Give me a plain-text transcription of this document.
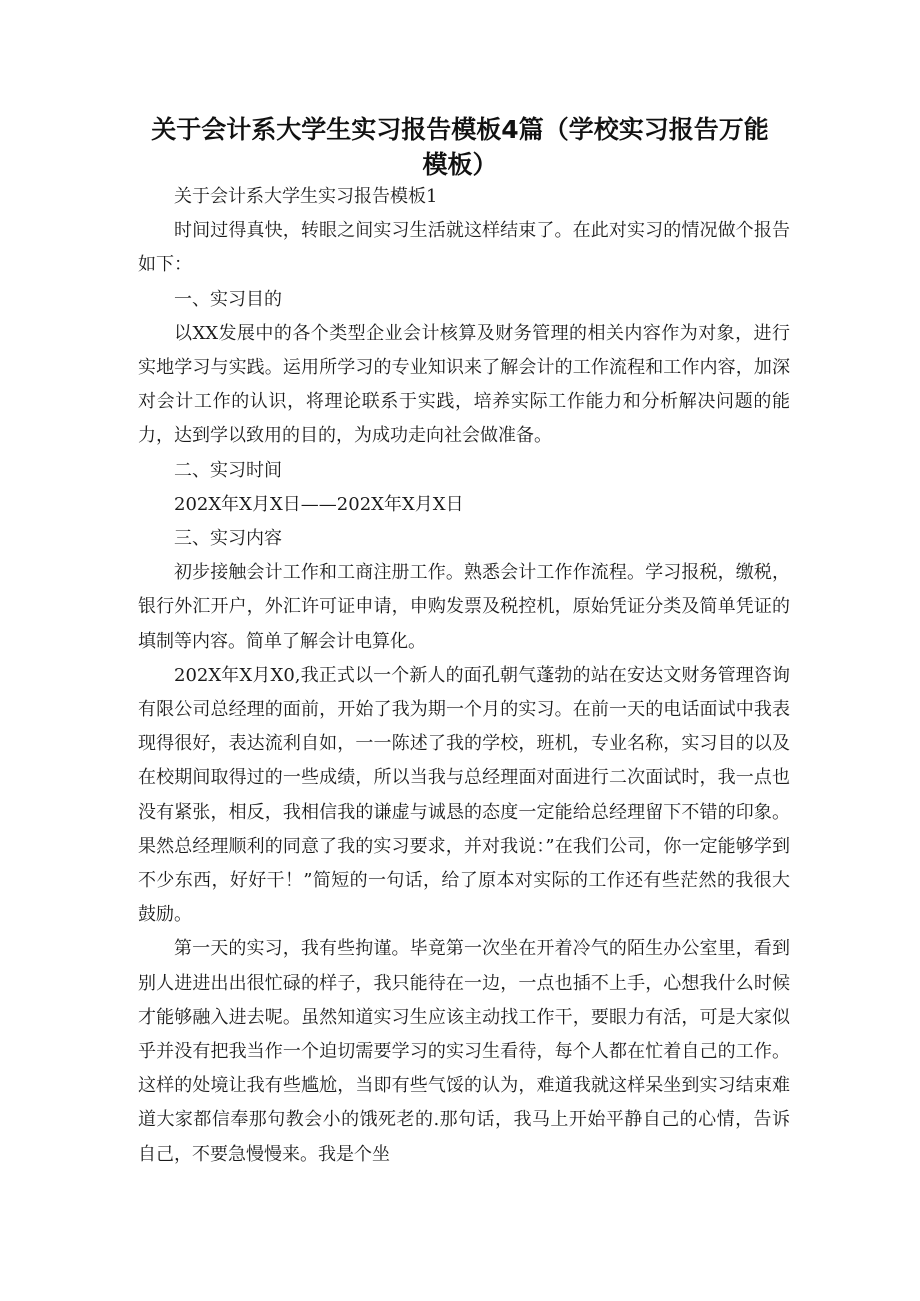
关于会计系大学生实习报告模板4篇（学校实习报告万能模板）

关于会计系大学生实习报告模板1

时间过得真快，转眼之间实习生活就这样结束了。在此对实习的情况做个报告如下：

一、实习目的

以XX发展中的各个类型企业会计核算及财务管理的相关内容作为对象，进行实地学习与实践。运用所学习的专业知识来了解会计的工作流程和工作内容，加深对会计工作的认识，将理论联系于实践，培养实际工作能力和分析解决问题的能力，达到学以致用的目的，为成功走向社会做准备。

二、实习时间

202X年X月X日——202X年X月X日

三、实习内容

初步接触会计工作和工商注册工作。熟悉会计工作作流程。学习报税，缴税，银行外汇开户，外汇许可证申请，申购发票及税控机，原始凭证分类及简单凭证的填制等内容。简单了解会计电算化。

202X年X月X0,我正式以一个新人的面孔朝气蓬勃的站在安达文财务管理咨询有限公司总经理的面前，开始了我为期一个月的实习。在前一天的电话面试中我表现得很好，表达流利自如，一一陈述了我的学校，班机，专业名称，实习目的以及在校期间取得过的一些成绩，所以当我与总经理面对面进行二次面试时，我一点也没有紧张，相反，我相信我的谦虚与诚恳的态度一定能给总经理留下不错的印象。果然总经理顺利的同意了我的实习要求，并对我说：”在我们公司，你一定能够学到不少东西，好好干！”简短的一句话，给了原本对实际的工作还有些茫然的我很大鼓励。

第一天的实习，我有些拘谨。毕竟第一次坐在开着冷气的陌生办公室里，看到别人进进出出很忙碌的样子，我只能待在一边，一点也插不上手，心想我什么时候才能够融入进去呢。虽然知道实习生应该主动找工作干，要眼力有活，可是大家似乎并没有把我当作一个迫切需要学习的实习生看待，每个人都在忙着自己的工作。这样的处境让我有些尴尬，当即有些气馁的认为，难道我就这样呆坐到实习结束难道大家都信奉那句教会小的饿死老的.那句话，我马上开始平静自己的心情，告诉自己，不要急慢慢来。我是个坐
